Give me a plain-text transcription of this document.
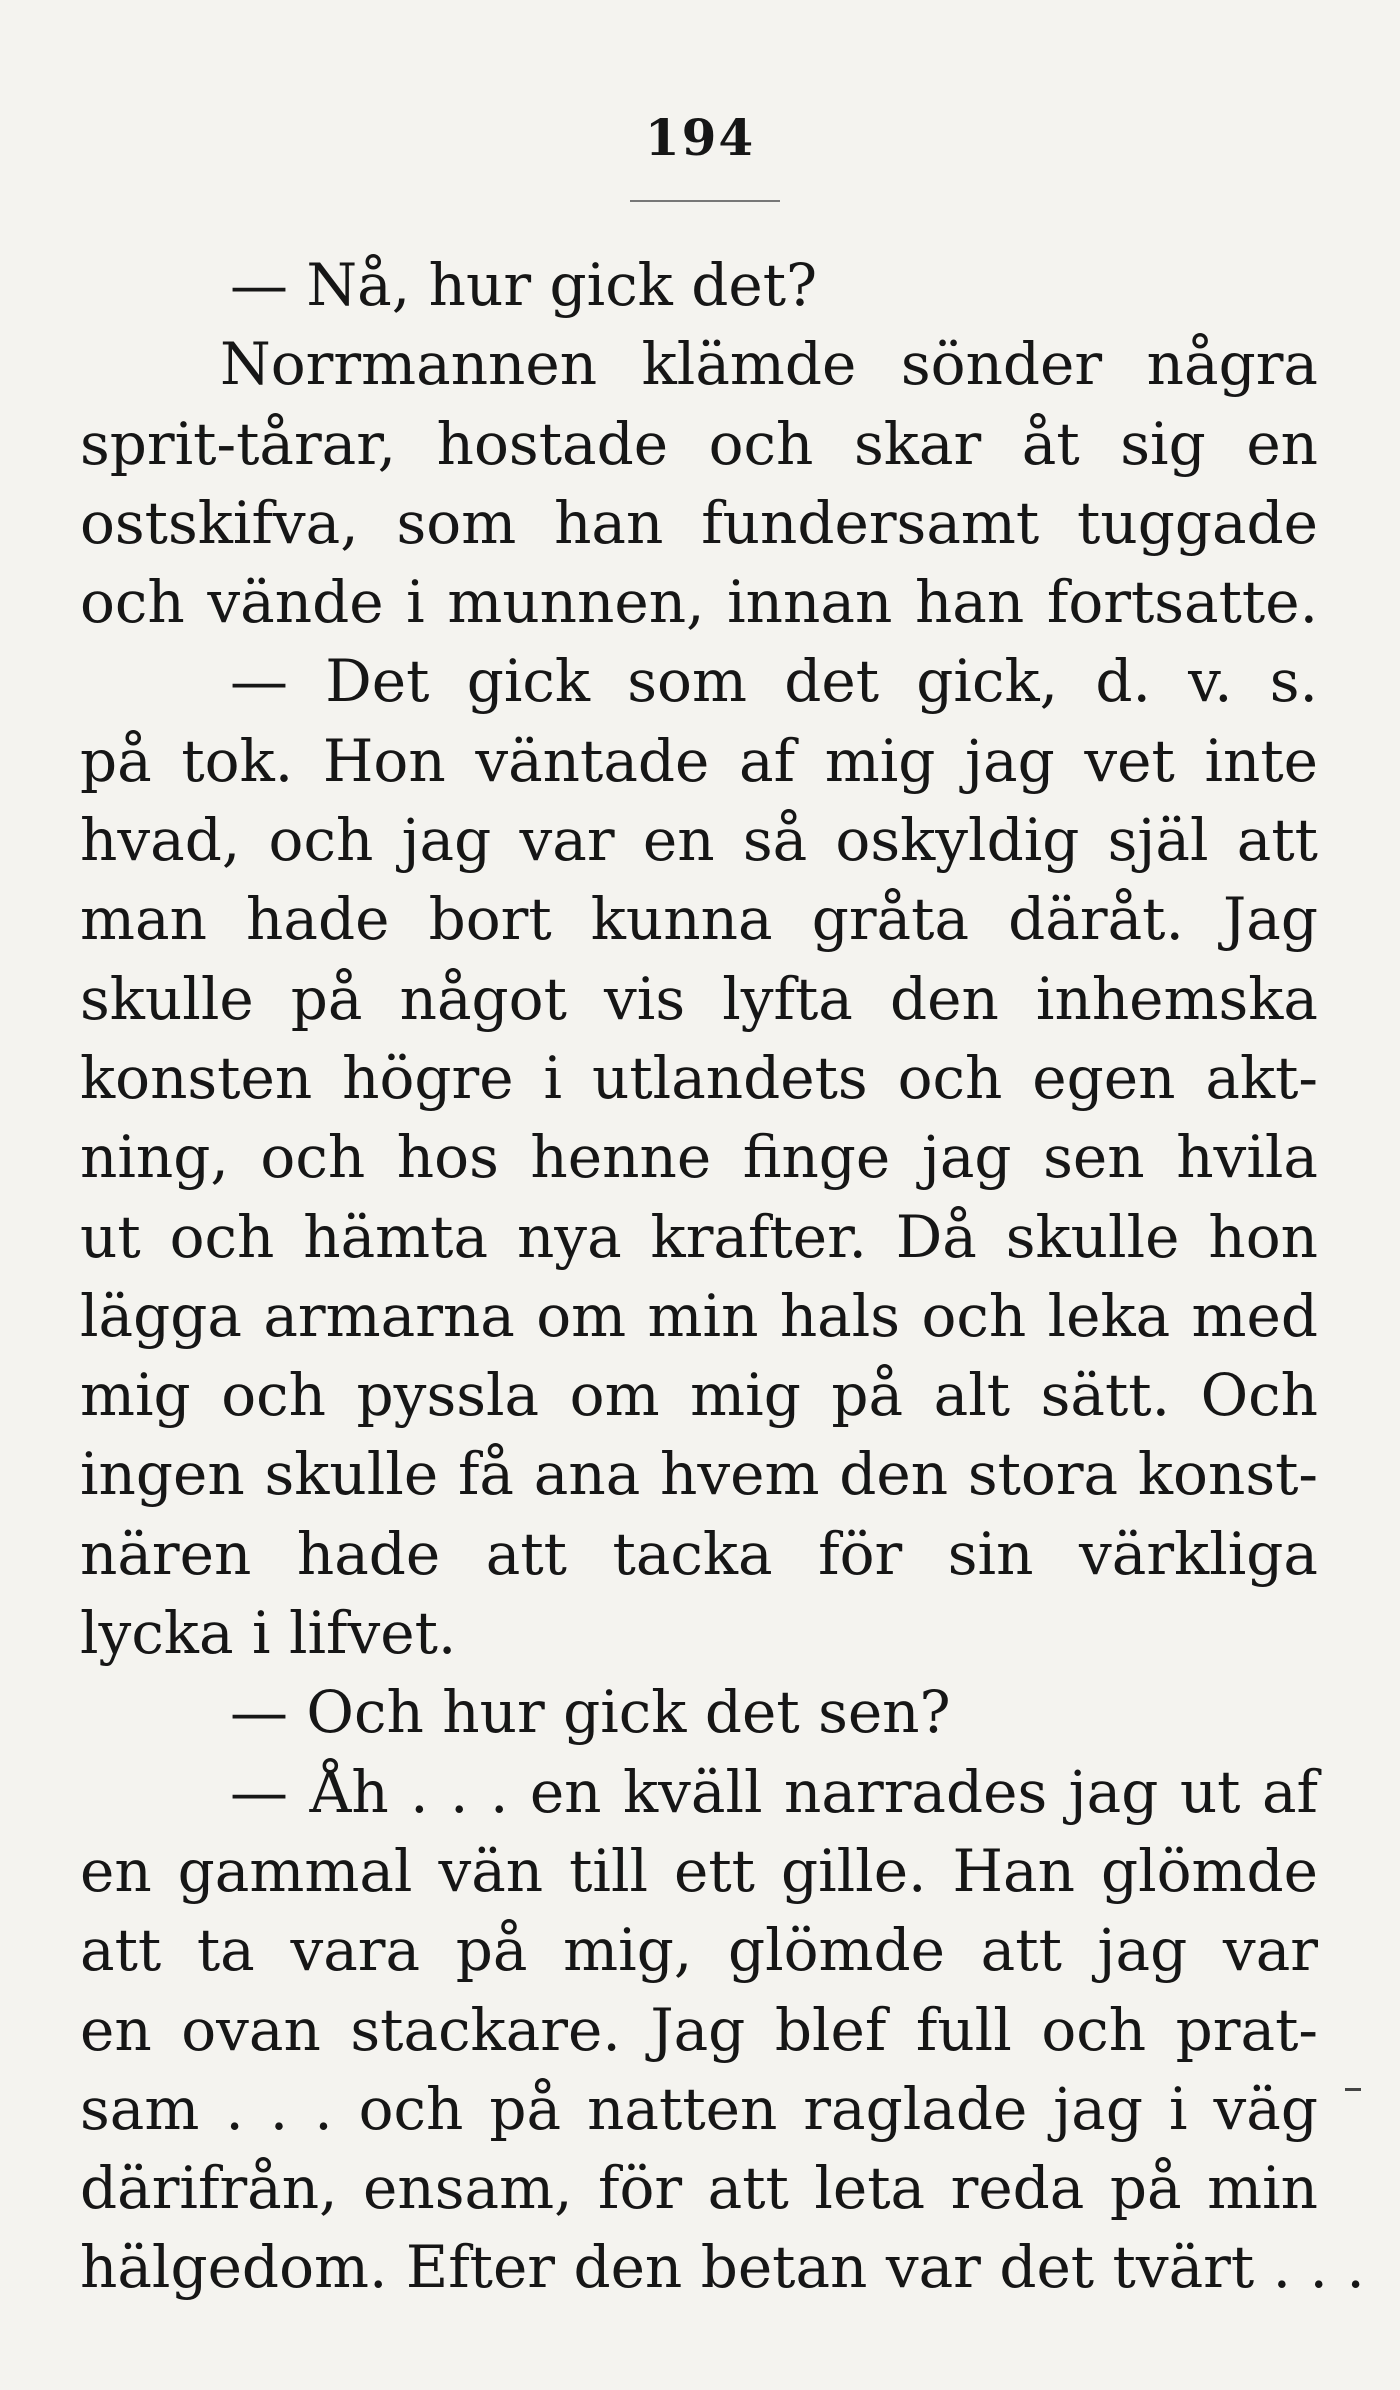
194
— Nå, hur gick det?
Norrmannen klämde sönder några
sprit-tårar, hostade och skar åt sig en
ostskifva, som han fundersamt tuggade
och vände i munnen, innan han fortsatte.
— Det gick som det gick, d. v. s.
på tok. Hon väntade af mig jag vet inte
hvad, och jag var en så oskyldig själ att
man hade bort kunna gråta däråt. Jag
skulle på något vis lyfta den inhemska
konsten högre i utlandets och egen akt-
ning, och hos henne finge jag sen hvila
ut och hämta nya krafter. Då skulle hon
lägga armarna om min hals och leka med
mig och pyssla om mig på alt sätt. Och
ingen skulle få ana hvem den stora konst-
nären hade att tacka för sin värkliga
lycka i lifvet.
— Och hur gick det sen?
— Åh . . . en kväll narrades jag ut af
en gammal vän till ett gille. Han glömde
att ta vara på mig, glömde att jag var
en ovan stackare. Jag blef full och prat-
sam . . . och på natten raglade jag i väg
därifrån, ensam, för att leta reda på min
hälgedom. Efter den betan var det tvärt . . .
